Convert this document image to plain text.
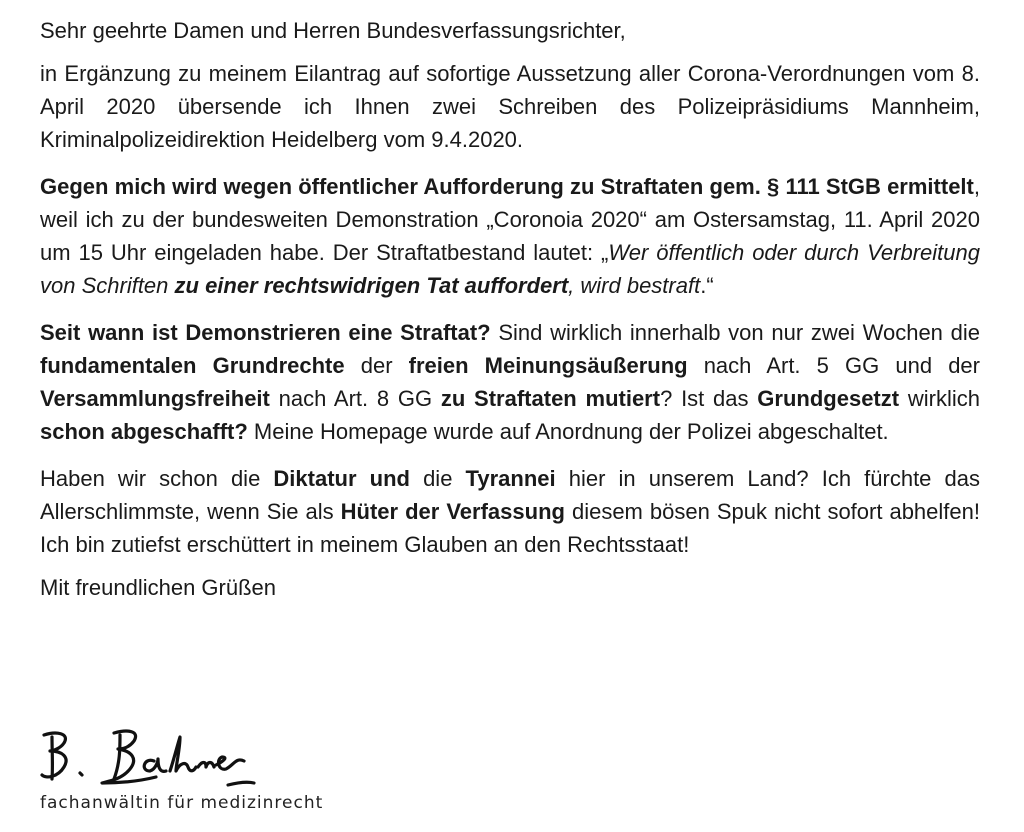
Sehr geehrte Damen und Herren Bundesverfassungsrichter,

in Ergänzung zu meinem Eilantrag auf sofortige Aussetzung aller Corona-Verordnungen vom 8. April 2020 übersende ich Ihnen zwei Schreiben des Polizeipräsidiums Mannheim, Kriminalpolizeidirektion Heidelberg vom 9.4.2020.

Gegen mich wird wegen öffentlicher Aufforderung zu Straftaten gem. § 111 StGB ermittelt, weil ich zu der bundesweiten Demonstration „Coronoia 2020“ am Ostersamstag, 11. April 2020 um 15 Uhr eingeladen habe. Der Straftatbestand lautet: „Wer öffentlich oder durch Verbreitung von Schriften zu einer rechtswidrigen Tat auffordert, wird bestraft.“

Seit wann ist Demonstrieren eine Straftat? Sind wirklich innerhalb von nur zwei Wochen die fundamentalen Grundrechte der freien Meinungsäußerung nach Art. 5 GG und der Versammlungsfreiheit nach Art. 8 GG zu Straftaten mutiert? Ist das Grundgesetzt wirklich schon abgeschafft? Meine Homepage wurde auf Anordnung der Polizei abgeschaltet.

Haben wir schon die Diktatur und die Tyrannei hier in unserem Land? Ich fürchte das Allerschlimmste, wenn Sie als Hüter der Verfassung diesem bösen Spuk nicht sofort abhelfen! Ich bin zutiefst erschüttert in meinem Glauben an den Rechtsstaat!

Mit freundlichen Grüßen

fachanwältin für medizinrecht
